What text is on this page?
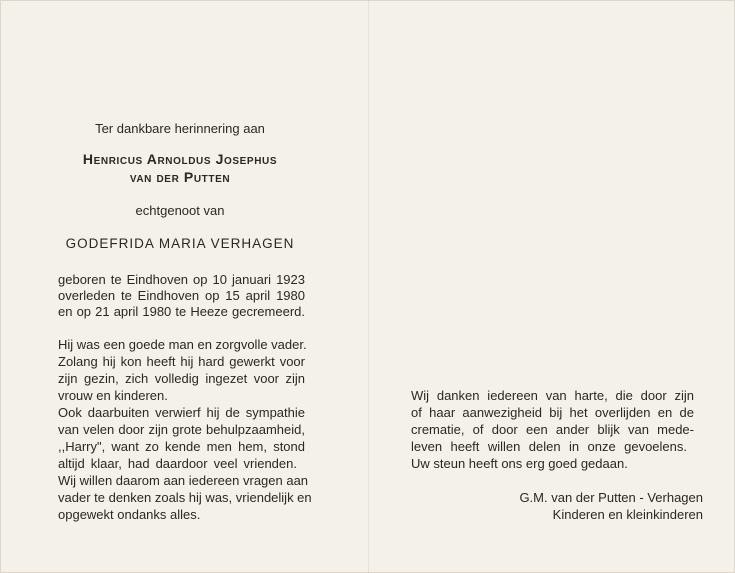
Ter dankbare herinnering aan
Henricus Arnoldus Josephus
van der Putten
echtgenoot van
GODEFRIDA MARIA VERHAGEN
geboren te Eindhoven op 10 januari 1923
overleden te Eindhoven op 15 april 1980
en op 21 april 1980 te Heeze gecremeerd.
Hij was een goede man en zorgvolle vader.
Zolang hij kon heeft hij hard gewerkt voor
zijn gezin, zich volledig ingezet voor zijn
vrouw en kinderen.
Ook daarbuiten verwierf hij de sympathie
van velen door zijn grote behulpzaamheid,
,,Harry", want zo kende men hem, stond
altijd klaar, had daardoor veel vrienden.
Wij willen daarom aan iedereen vragen aan
vader te denken zoals hij was, vriendelijk en
opgewekt ondanks alles.
Wij danken iedereen van harte, die door zijn
of haar aanwezigheid bij het overlijden en de
crematie, of door een ander blijk van mede-
leven heeft willen delen in onze gevoelens.
Uw steun heeft ons erg goed gedaan.
G.M. van der Putten - Verhagen
Kinderen en kleinkinderen
